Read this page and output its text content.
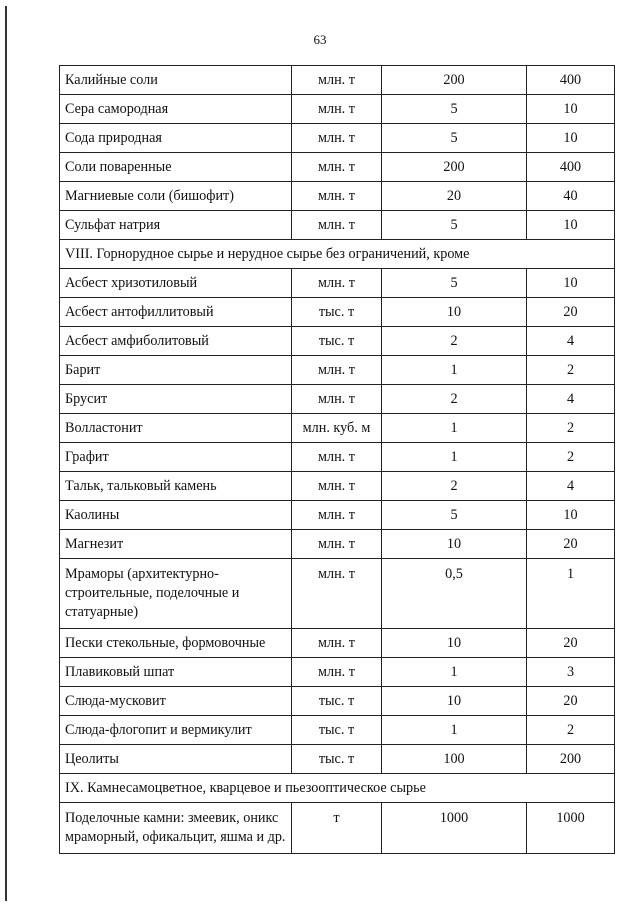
63
Калийные соли	млн. т	200	400
Сера самородная	млн. т	5	10
Сода природная	млн. т	5	10
Соли поваренные	млн. т	200	400
Магниевые соли (бишофит)	млн. т	20	40
Сульфат натрия	млн. т	5	10
VIII. Горнорудное сырье и нерудное сырье без ограничений, кроме			
Асбест хризотиловый	млн. т	5	10
Асбест антофиллитовый	тыс. т	10	20
Асбест амфиболитовый	тыс. т	2	4
Барит	млн. т	1	2
Брусит	млн. т	2	4
Волластонит	млн. куб. м	1	2
Графит	млн. т	1	2
Тальк, тальковый камень	млн. т	2	4
Каолины	млн. т	5	10
Магнезит	млн. т	10	20
Мраморы (архитектурно-строительные, поделочные и статуарные)	млн. т	0,5	1
Пески стекольные, формовочные	млн. т	10	20
Плавиковый шпат	млн. т	1	3
Слюда-мусковит	тыс. т	10	20
Слюда-флогопит и вермикулит	тыс. т	1	2
Цеолиты	тыс. т	100	200
IX. Камнесамоцветное, кварцевое и пьезооптическое сырье			
Поделочные камни: змеевик, оникс мраморный, офикальцит, яшма и др.	т	1000	1000
